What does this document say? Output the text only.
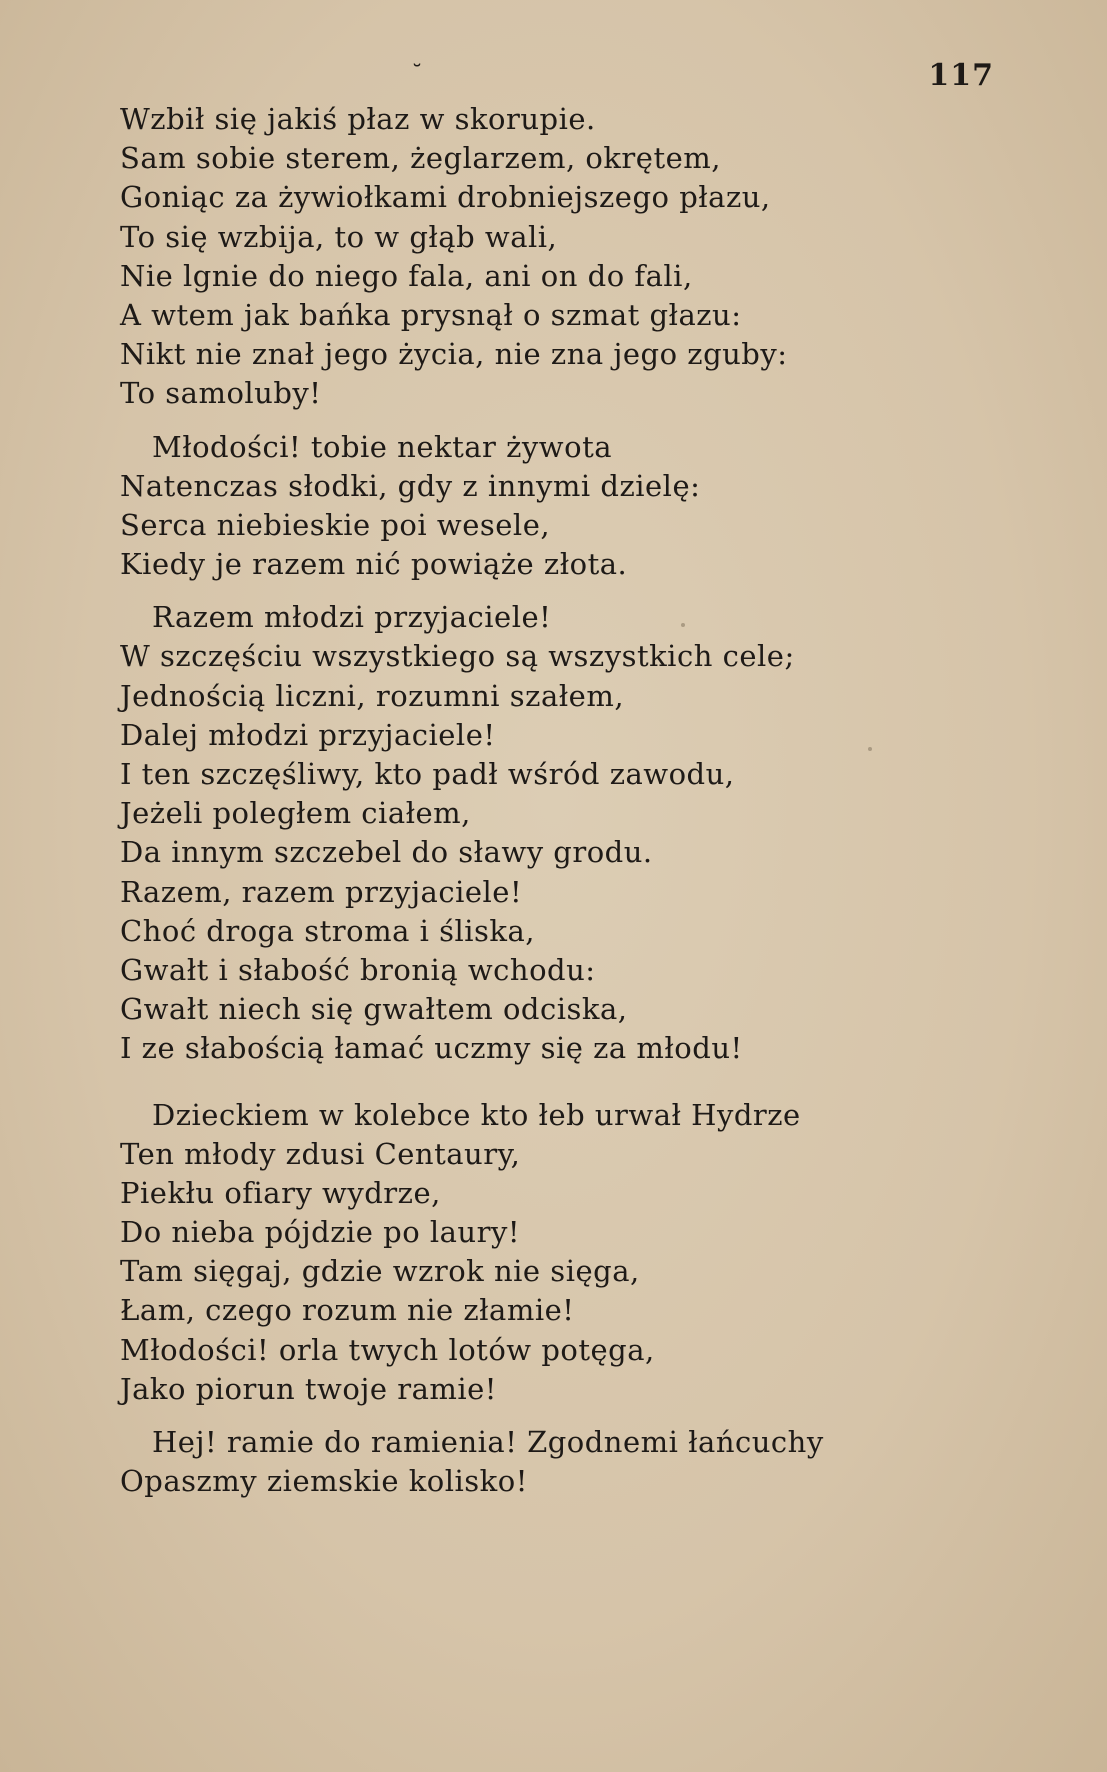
˘	117
Wzbił się jakiś płaz w skorupie.
Sam sobie sterem, żeglarzem, okrętem,
Goniąc za żywiołkami drobniejszego płazu,
To się wzbija, to w głąb wali,
Nie lgnie do niego fala, ani on do fali,
A wtem jak bańka prysnął o szmat głazu:
Nikt nie znał jego życia, nie zna jego zguby:
To samoluby!
Młodości! tobie nektar żywota
Natenczas słodki, gdy z innymi dzielę:
Serca niebieskie poi wesele,
Kiedy je razem nić powiąże złota.
Razem młodzi przyjaciele!
W szczęściu wszystkiego są wszystkich cele;
Jednością liczni, rozumni szałem,
Dalej młodzi przyjaciele!
I ten szczęśliwy, kto padł wśród zawodu,
Jeżeli poległem ciałem,
Da innym szczebel do sławy grodu.
Razem, razem przyjaciele!
Choć droga stroma i śliska,
Gwałt i słabość bronią wchodu:
Gwałt niech się gwałtem odciska,
I ze słabością łamać uczmy się za młodu!
Dzieckiem w kolebce kto łeb urwał Hydrze
Ten młody zdusi Centaury,
Piekłu ofiary wydrze,
Do nieba pójdzie po laury!
Tam sięgaj, gdzie wzrok nie sięga,
Łam, czego rozum nie złamie!
Młodości! orla twych lotów potęga,
Jako piorun twoje ramie!
Hej! ramie do ramienia! Zgodnemi łańcuchy
Opaszmy ziemskie kolisko!
